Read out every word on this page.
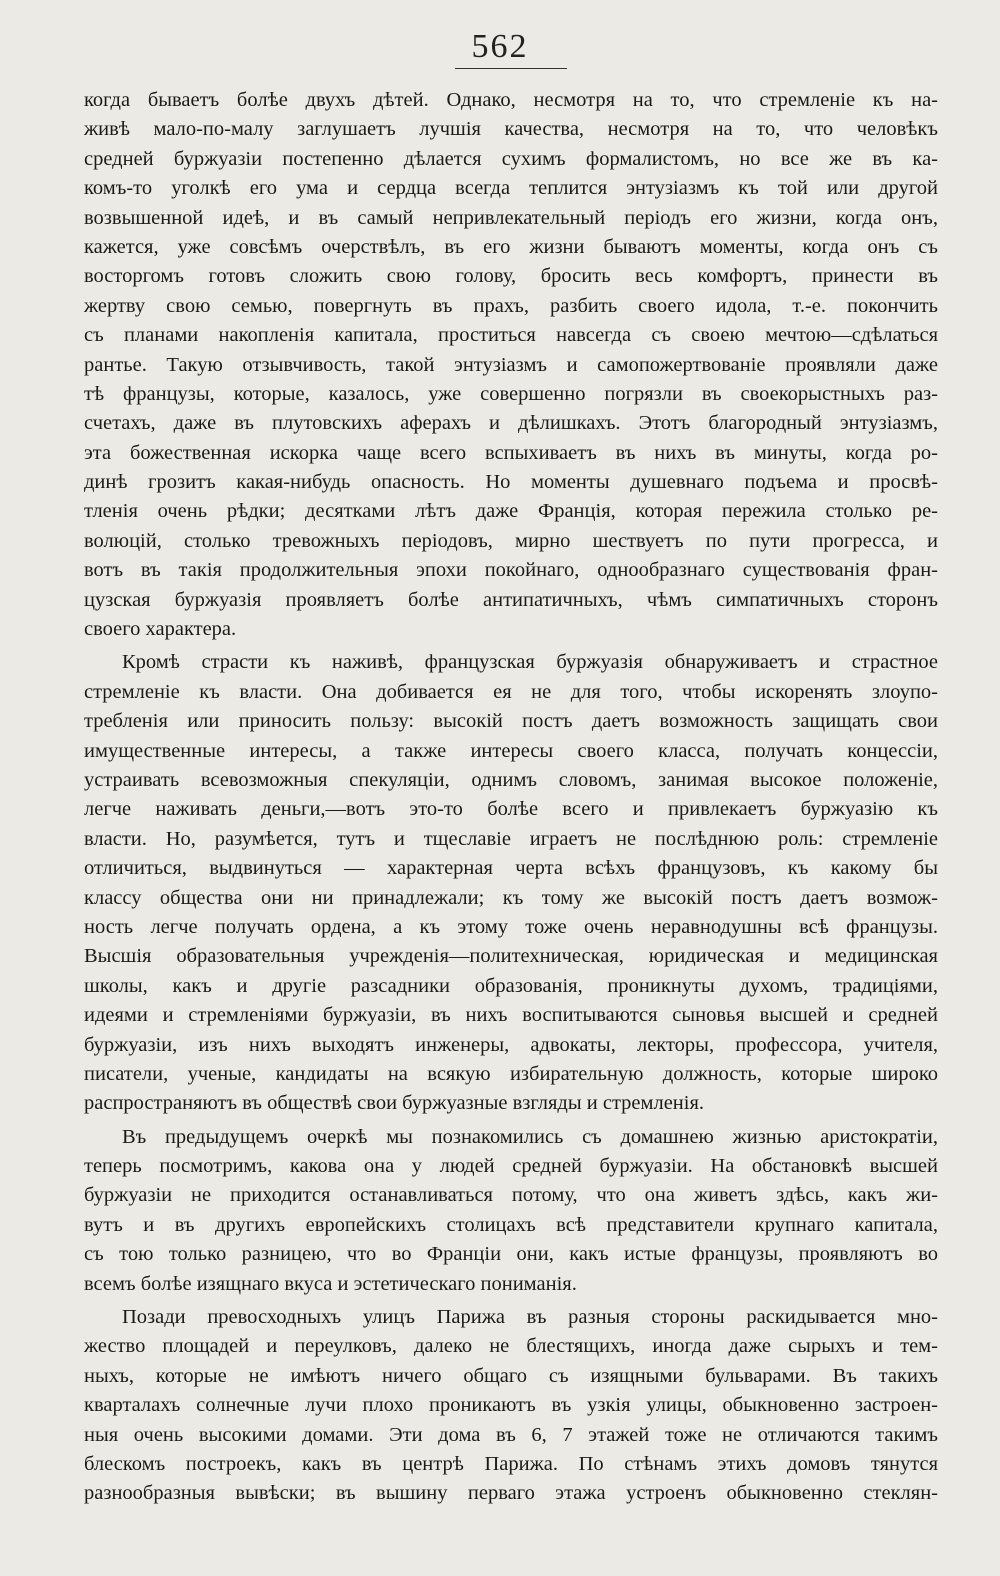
562
когда бываетъ болѣе двухъ дѣтей. Однако, несмотря на то, что стремленіе къ на-
живѣ мало-по-малу заглушаетъ лучшія качества, несмотря на то, что человѣкъ
средней буржуазіи постепенно дѣлается сухимъ формалистомъ, но все же въ ка-
комъ-то уголкѣ его ума и сердца всегда теплится энтузіазмъ къ той или другой
возвышенной идеѣ, и въ самый непривлекательный періодъ его жизни, когда онъ,
кажется, уже совсѣмъ очерствѣлъ, въ его жизни бываютъ моменты, когда онъ съ
восторгомъ готовъ сложить свою голову, бросить весь комфортъ, принести въ
жертву свою семью, повергнуть въ прахъ, разбить своего идола, т.-е. покончить
съ планами накопленія капитала, проститься навсегда съ своею мечтою—сдѣлаться
рантье. Такую отзывчивость, такой энтузіазмъ и самопожертвованіе проявляли даже
тѣ французы, которые, казалось, уже совершенно погрязли въ своекорыстныхъ раз-
счетахъ, даже въ плутовскихъ аферахъ и дѣлишкахъ. Этотъ благородный энтузіазмъ,
эта божественная искорка чаще всего вспыхиваетъ въ нихъ въ минуты, когда ро-
динѣ грозитъ какая-нибудь опасность. Но моменты душевнаго подъема и просвѣ-
тленія очень рѣдки; десятками лѣтъ даже Франція, которая пережила столько ре-
волюцій, столько тревожныхъ періодовъ, мирно шествуетъ по пути прогресса, и
вотъ въ такія продолжительныя эпохи покойнаго, однообразнаго существованія фран-
цузская буржуазія проявляетъ болѣе антипатичныхъ, чѣмъ симпатичныхъ сторонъ
своего характера.
Кромѣ страсти къ наживѣ, французская буржуазія обнаруживаетъ и страстное
стремленіе къ власти. Она добивается ея не для того, чтобы искоренять злоупо-
требленія или приносить пользу: высокій постъ даетъ возможность защищать свои
имущественные интересы, а также интересы своего класса, получать концессіи,
устраивать всевозможныя спекуляціи, однимъ словомъ, занимая высокое положеніе,
легче наживать деньги,—вотъ это-то болѣе всего и привлекаетъ буржуазію къ
власти. Но, разумѣется, тутъ и тщеславіе играетъ не послѣднюю роль: стремленіе
отличиться, выдвинуться — характерная черта всѣхъ французовъ, къ какому бы
классу общества они ни принадлежали; къ тому же высокій постъ даетъ возмож-
ность легче получать ордена, а къ этому тоже очень неравнодушны всѣ французы.
Высшія образовательныя учрежденія—политехническая, юридическая и медицинская
школы, какъ и другіе разсадники образованія, проникнуты духомъ, традиціями,
идеями и стремленіями буржуазіи, въ нихъ воспитываются сыновья высшей и средней
буржуазіи, изъ нихъ выходятъ инженеры, адвокаты, лекторы, профессора, учителя,
писатели, ученые, кандидаты на всякую избирательную должность, которые широко
распространяютъ въ обществѣ свои буржуазные взгляды и стремленія.
Въ предыдущемъ очеркѣ мы познакомились съ домашнею жизнью аристократіи,
теперь посмотримъ, какова она у людей средней буржуазіи. На обстановкѣ высшей
буржуазіи не приходится останавливаться потому, что она живетъ здѣсь, какъ жи-
вутъ и въ другихъ европейскихъ столицахъ всѣ представители крупнаго капитала,
съ тою только разницею, что во Франціи они, какъ истые французы, проявляютъ во
всемъ болѣе изящнаго вкуса и эстетическаго пониманія.
Позади превосходныхъ улицъ Парижа въ разныя стороны раскидывается мно-
жество площадей и переулковъ, далеко не блестящихъ, иногда даже сырыхъ и тем-
ныхъ, которые не имѣютъ ничего общаго съ изящными бульварами. Въ такихъ
кварталахъ солнечные лучи плохо проникаютъ въ узкія улицы, обыкновенно застроен-
ныя очень высокими домами. Эти дома въ 6, 7 этажей тоже не отличаются такимъ
блескомъ построекъ, какъ въ центрѣ Парижа. По стѣнамъ этихъ домовъ тянутся
разнообразныя вывѣски; въ вышину перваго этажа устроенъ обыкновенно стеклян-
